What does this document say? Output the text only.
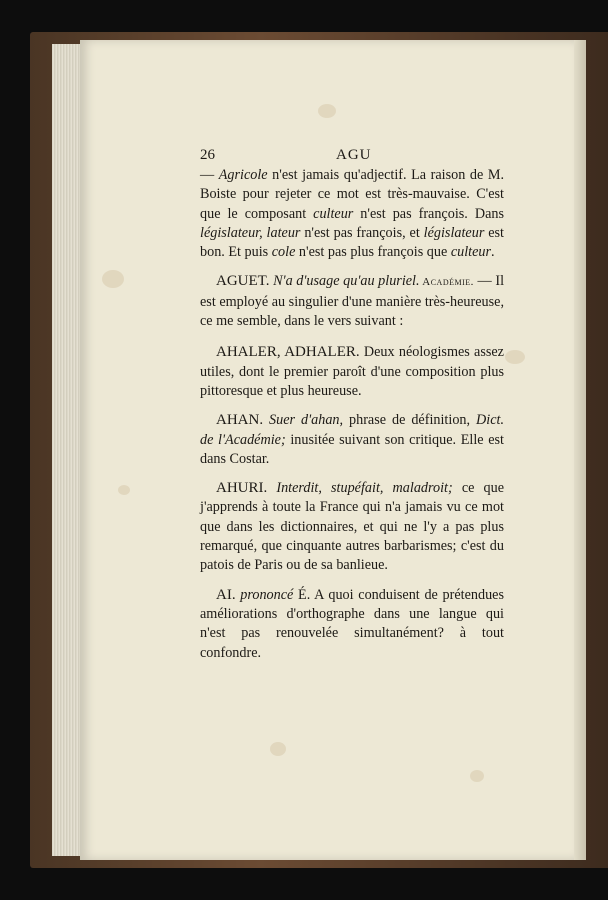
26	AGU

— Agricole n'est jamais qu'adjectif. La raison de M. Boiste pour rejeter ce mot est très-mauvaise. C'est que le composant culteur n'est pas françois. Dans législateur, lateur n'est pas françois, et législateur est bon. Et puis cole n'est pas plus françois que culteur.

AGUET. N'a d'usage qu'au pluriel. Académie. — Il est employé au singulier d'une manière très-heureuse, ce me semble, dans le vers suivant :

AHALER, ADHALER. Deux néologismes assez utiles, dont le premier paroît d'une composition plus pittoresque et plus heureuse.

AHAN. Suer d'ahan, phrase de définition, Dict. de l'Académie; inusitée suivant son critique. Elle est dans Costar.

AHURI. Interdit, stupéfait, maladroit; ce que j'apprends à toute la France qui n'a jamais vu ce mot que dans les dictionnaires, et qui ne l'y a pas plus remarqué, que cinquante autres barbarismes; c'est du patois de Paris ou de sa banlieue.

AI. prononcé É. A quoi conduisent de prétendues améliorations d'orthographe dans une langue qui n'est pas renouvelée simultanément? à tout confondre.
